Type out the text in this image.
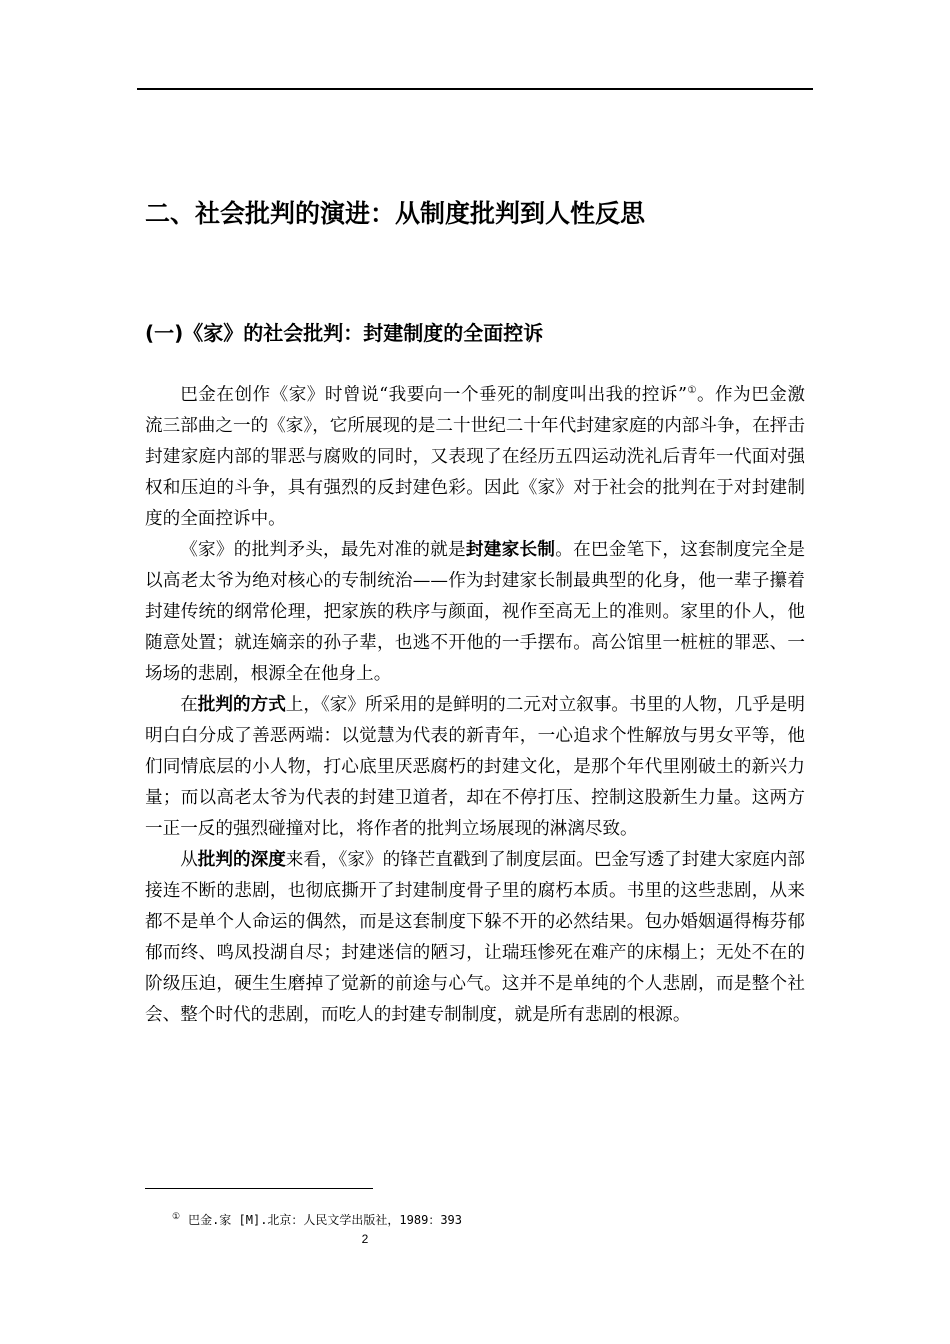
二、社会批判的演进：从制度批判到人性反思
(一)《家》的社会批判：封建制度的全面控诉

巴金在创作《家》时曾说“我要向一个垂死的制度叫出我的控诉”①。作为巴金激流三部曲之一的《家》，它所展现的是二十世纪二十年代封建家庭的内部斗争，在抨击封建家庭内部的罪恶与腐败的同时，又表现了在经历五四运动洗礼后青年一代面对强权和压迫的斗争，具有强烈的反封建色彩。因此《家》对于社会的批判在于对封建制度的全面控诉中。

《家》的批判矛头，最先对准的就是封建家长制。在巴金笔下，这套制度完全是以高老太爷为绝对核心的专制统治——作为封建家长制最典型的化身，他一辈子攥着封建传统的纲常伦理，把家族的秩序与颜面，视作至高无上的准则。家里的仆人，他随意处置；就连嫡亲的孙子辈，也逃不开他的一手摆布。高公馆里一桩桩的罪恶、一场场的悲剧，根源全在他身上。

在批判的方式上，《家》所采用的是鲜明的二元对立叙事。书里的人物，几乎是明明白白分成了善恶两端：以觉慧为代表的新青年，一心追求个性解放与男女平等，他们同情底层的小人物，打心底里厌恶腐朽的封建文化，是那个年代里刚破土的新兴力量；而以高老太爷为代表的封建卫道者，却在不停打压、控制这股新生力量。这两方一正一反的强烈碰撞对比，将作者的批判立场展现的淋漓尽致。

从批判的深度来看，《家》的锋芒直戳到了制度层面。巴金写透了封建大家庭内部接连不断的悲剧，也彻底撕开了封建制度骨子里的腐朽本质。书里的这些悲剧，从来都不是单个人命运的偶然，而是这套制度下躲不开的必然结果。包办婚姻逼得梅芬郁郁而终、鸣凤投湖自尽；封建迷信的陋习，让瑞珏惨死在难产的床榻上；无处不在的阶级压迫，硬生生磨掉了觉新的前途与心气。这并不是单纯的个人悲剧，而是整个社会、整个时代的悲剧，而吃人的封建专制制度，就是所有悲剧的根源。

① 巴金.家 [M].北京：人民文学出版社，1989：393

2
